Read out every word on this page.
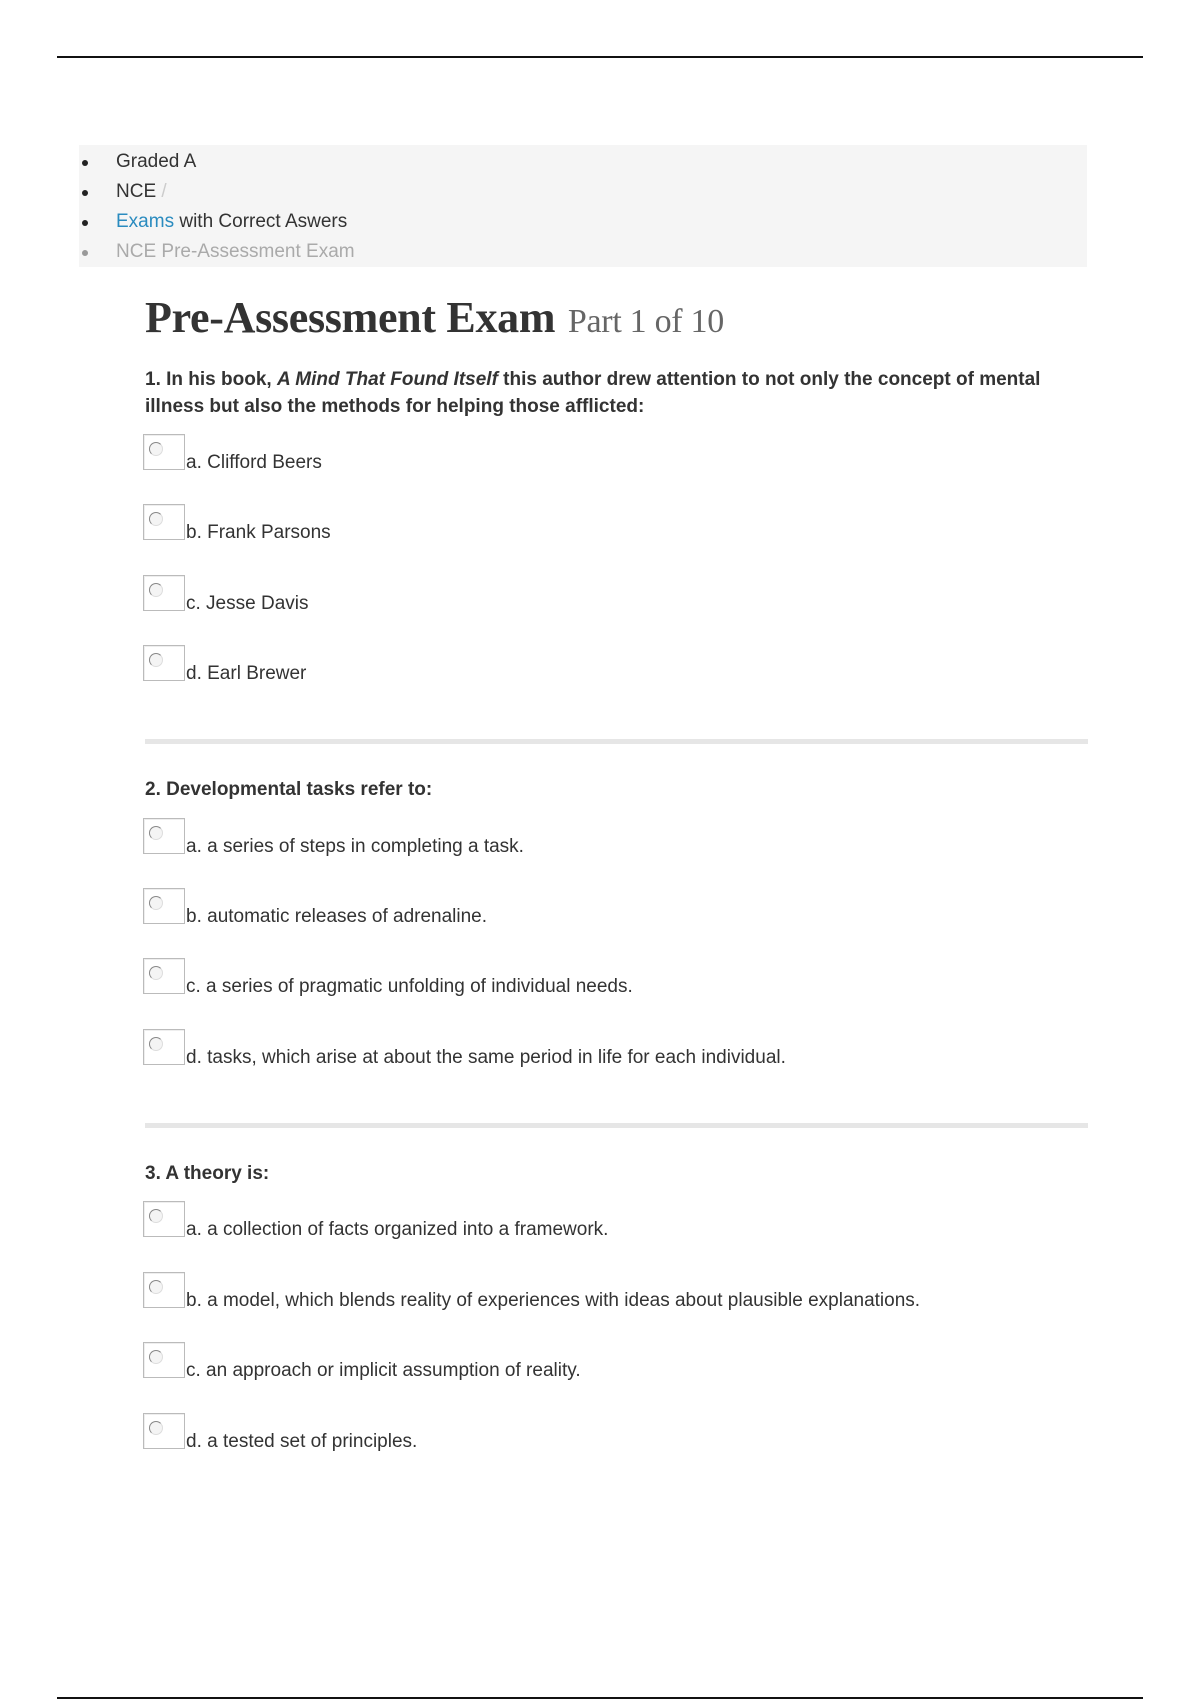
Graded A
NCE /
Exams with Correct Aswers
NCE Pre-Assessment Exam
Pre-Assessment Exam Part 1 of 10

1. In his book, A Mind That Found Itself this author drew attention to not only the concept of mental illness but also the methods for helping those afflicted:

a. Clifford Beers
b. Frank Parsons
c. Jesse Davis
d. Earl Brewer

2. Developmental tasks refer to:

a. a series of steps in completing a task.
b. automatic releases of adrenaline.
c. a series of pragmatic unfolding of individual needs.
d. tasks, which arise at about the same period in life for each individual.

3. A theory is:

a. a collection of facts organized into a framework.
b. a model, which blends reality of experiences with ideas about plausible explanations.
c. an approach or implicit assumption of reality.
d. a tested set of principles.
